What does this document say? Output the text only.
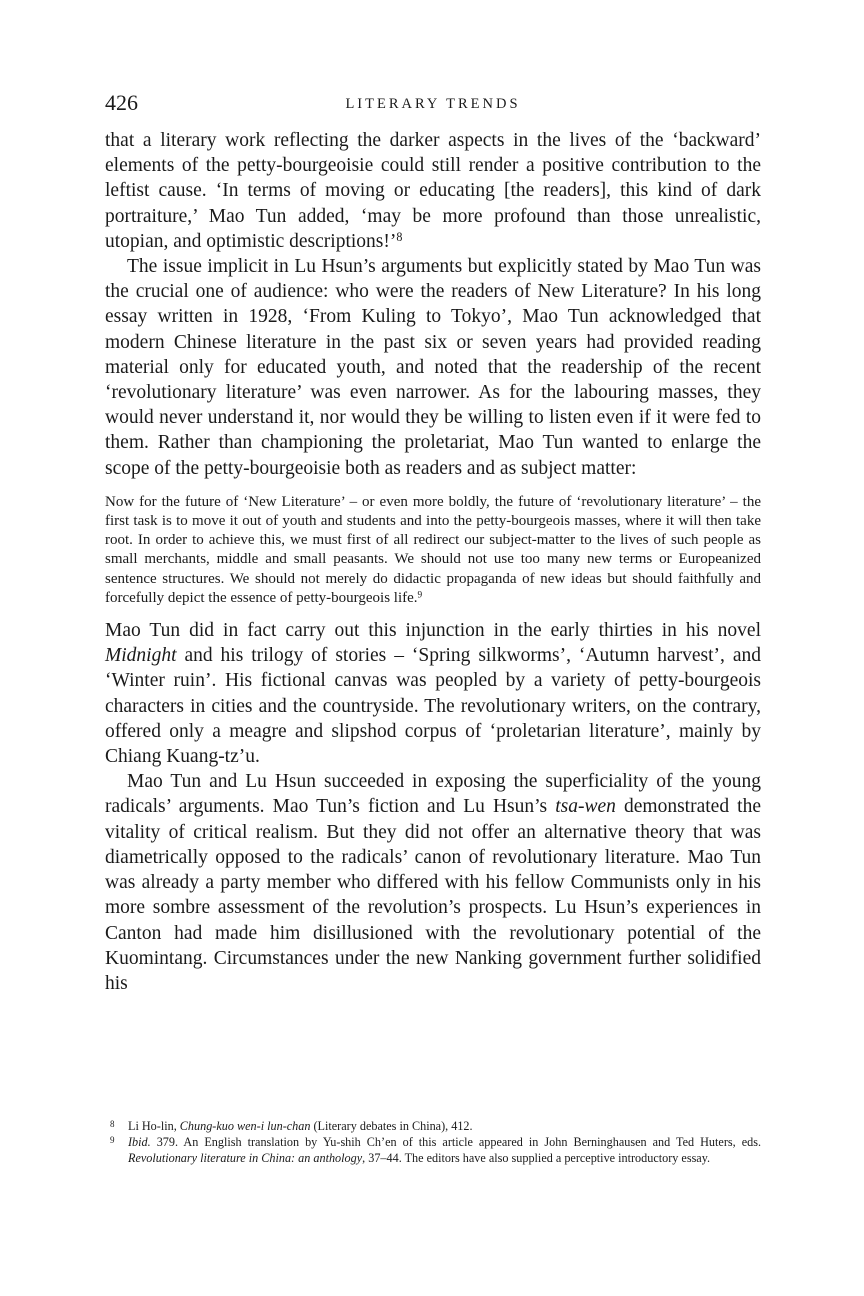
426	LITERARY TRENDS

that a literary work reflecting the darker aspects in the lives of the ‘backward’ elements of the petty-bourgeoisie could still render a positive contribution to the leftist cause. ‘In terms of moving or educating [the readers], this kind of dark portraiture,’ Mao Tun added, ‘may be more profound than those unrealistic, utopian, and optimistic descriptions!’$^8$

The issue implicit in Lu Hsun’s arguments but explicitly stated by Mao Tun was the crucial one of audience: who were the readers of New Literature? In his long essay written in 1928, ‘From Kuling to Tokyo’, Mao Tun acknowledged that modern Chinese literature in the past six or seven years had provided reading material only for educated youth, and noted that the readership of the recent ‘revolutionary literature’ was even narrower. As for the labouring masses, they would never understand it, nor would they be willing to listen even if it were fed to them. Rather than championing the proletariat, Mao Tun wanted to enlarge the scope of the petty-bourgeoisie both as readers and as subject matter:

Now for the future of ‘New Literature’ – or even more boldly, the future of ‘revolutionary literature’ – the first task is to move it out of youth and students and into the petty-bourgeois masses, where it will then take root. In order to achieve this, we must first of all redirect our subject-matter to the lives of such people as small merchants, middle and small peasants. We should not use too many new terms or Europeanized sentence structures. We should not merely do didactic propaganda of new ideas but should faithfully and forcefully depict the essence of petty-bourgeois life.$^9$

Mao Tun did in fact carry out this injunction in the early thirties in his novel Midnight and his trilogy of stories – ‘Spring silkworms’, ‘Autumn harvest’, and ‘Winter ruin’. His fictional canvas was peopled by a variety of petty-bourgeois characters in cities and the countryside. The revolutionary writers, on the contrary, offered only a meagre and slipshod corpus of ‘proletarian literature’, mainly by Chiang Kuang-tz’u.

Mao Tun and Lu Hsun succeeded in exposing the superficiality of the young radicals’ arguments. Mao Tun’s fiction and Lu Hsun’s tsa-wen demonstrated the vitality of critical realism. But they did not offer an alternative theory that was diametrically opposed to the radicals’ canon of revolutionary literature. Mao Tun was already a party member who differed with his fellow Communists only in his more sombre assessment of the revolution’s prospects. Lu Hsun’s experiences in Canton had made him disillusioned with the revolutionary potential of the Kuomintang. Circumstances under the new Nanking government further solidified his

8 Li Ho-lin, Chung-kuo wen-i lun-chan (Literary debates in China), 412.
9 Ibid. 379. An English translation by Yu-shih Ch’en of this article appeared in John Berninghausen and Ted Huters, eds. Revolutionary literature in China: an anthology, 37–44. The editors have also supplied a perceptive introductory essay.
